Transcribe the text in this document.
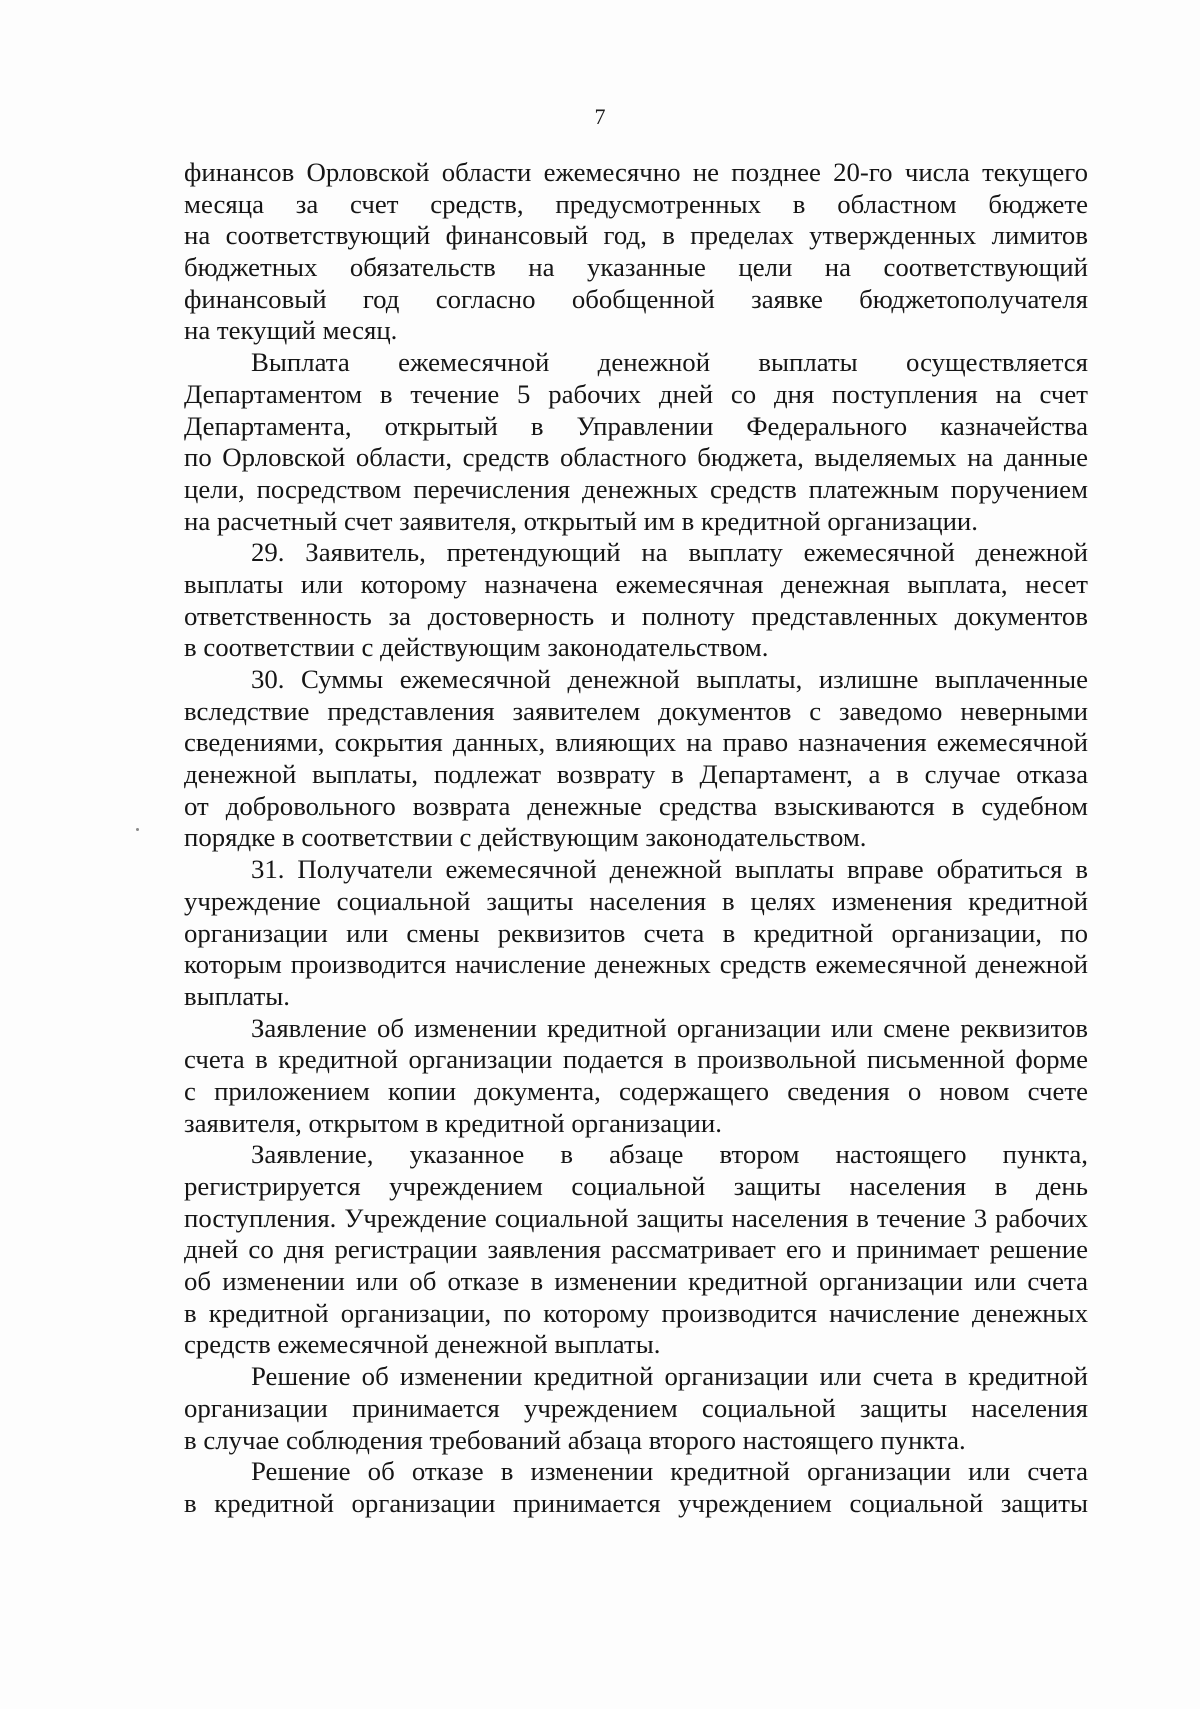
7

финансов Орловской области ежемесячно не позднее 20-го числа текущего
месяца за счет средств, предусмотренных в областном бюджете
на соответствующий финансовый год, в пределах утвержденных лимитов
бюджетных обязательств на указанные цели на соответствующий
финансовый год согласно обобщенной заявке бюджетополучателя
на текущий месяц.
Выплата ежемесячной денежной выплаты осуществляется
Департаментом в течение 5 рабочих дней со дня поступления на счет
Департамента, открытый в Управлении Федерального казначейства
по Орловской области, средств областного бюджета, выделяемых на данные
цели, посредством перечисления денежных средств платежным поручением
на расчетный счет заявителя, открытый им в кредитной организации.
29. Заявитель, претендующий на выплату ежемесячной денежной
выплаты или которому назначена ежемесячная денежная выплата, несет
ответственность за достоверность и полноту представленных документов
в соответствии с действующим законодательством.
30. Суммы ежемесячной денежной выплаты, излишне выплаченные
вследствие представления заявителем документов с заведомо неверными
сведениями, сокрытия данных, влияющих на право назначения ежемесячной
денежной выплаты, подлежат возврату в Департамент, а в случае отказа
от добровольного возврата денежные средства взыскиваются в судебном
порядке в соответствии с действующим законодательством.
31. Получатели ежемесячной денежной выплаты вправе обратиться в
учреждение социальной защиты населения в целях изменения кредитной
организации или смены реквизитов счета в кредитной организации, по
которым производится начисление денежных средств ежемесячной денежной
выплаты.
Заявление об изменении кредитной организации или смене реквизитов
счета в кредитной организации подается в произвольной письменной форме
с приложением копии документа, содержащего сведения о новом счете
заявителя, открытом в кредитной организации.
Заявление, указанное в абзаце втором настоящего пункта,
регистрируется учреждением социальной защиты населения в день
поступления. Учреждение социальной защиты населения в течение 3 рабочих
дней со дня регистрации заявления рассматривает его и принимает решение
об изменении или об отказе в изменении кредитной организации или счета
в кредитной организации, по которому производится начисление денежных
средств ежемесячной денежной выплаты.
Решение об изменении кредитной организации или счета в кредитной
организации принимается учреждением социальной защиты населения
в случае соблюдения требований абзаца второго настоящего пункта.
Решение об отказе в изменении кредитной организации или счета
в кредитной организации принимается учреждением социальной защиты
